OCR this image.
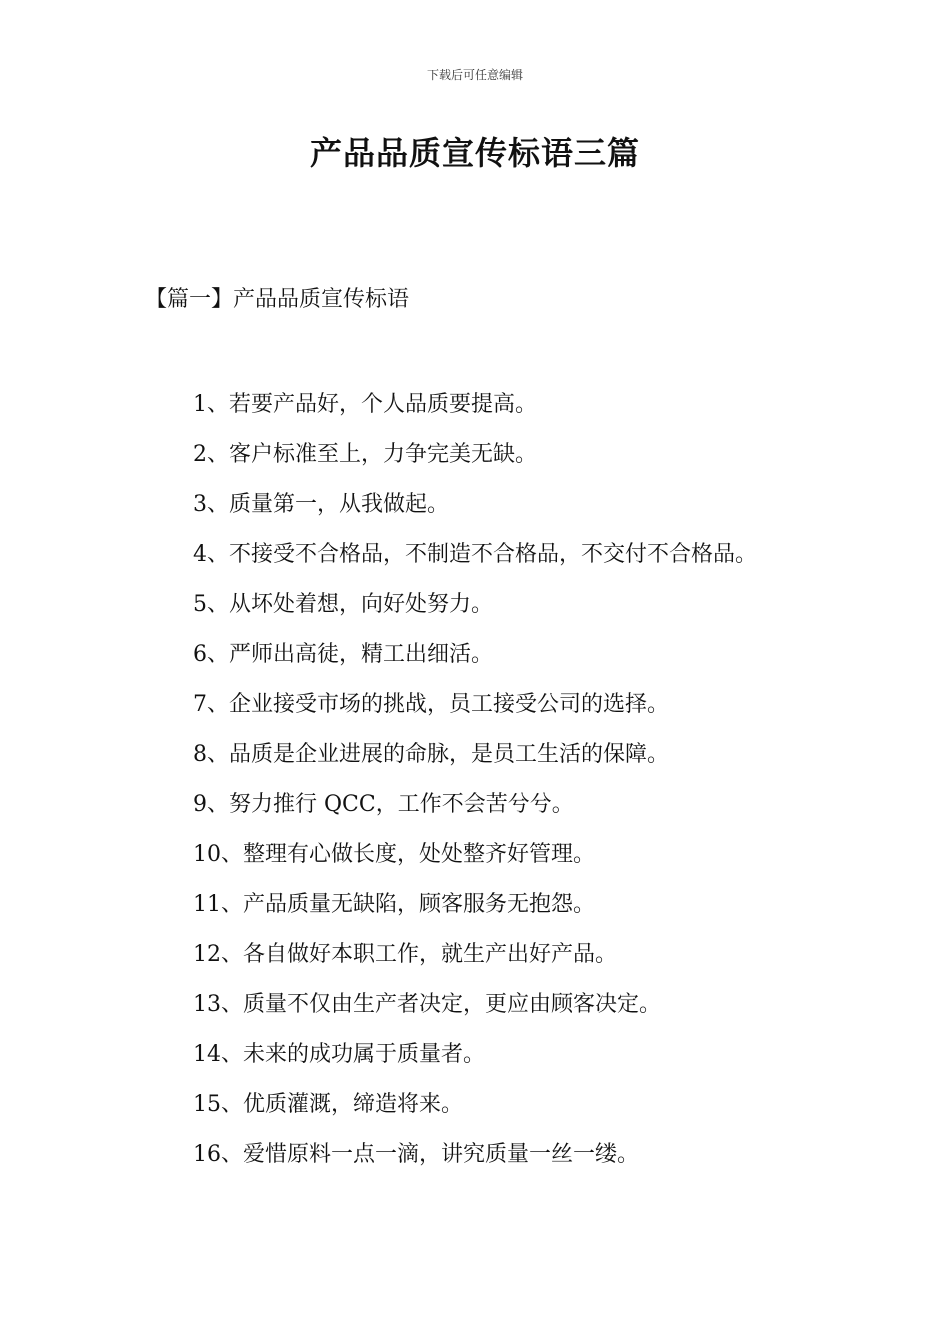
下载后可任意编辑
产品品质宣传标语三篇
【篇一】产品品质宣传标语
1、若要产品好，个人品质要提高。
2、客户标准至上，力争完美无缺。
3、质量第一，从我做起。
4、不接受不合格品，不制造不合格品，不交付不合格品。
5、从坏处着想，向好处努力。
6、严师出高徒，精工出细活。
7、企业接受市场的挑战，员工接受公司的选择。
8、品质是企业进展的命脉，是员工生活的保障。
9、努力推行 QCC，工作不会苦兮兮。
10、整理有心做长度，处处整齐好管理。
11、产品质量无缺陷，顾客服务无抱怨。
12、各自做好本职工作，就生产出好产品。
13、质量不仅由生产者决定，更应由顾客决定。
14、未来的成功属于质量者。
15、优质灌溉，缔造将来。
16、爱惜原料一点一滴，讲究质量一丝一缕。
